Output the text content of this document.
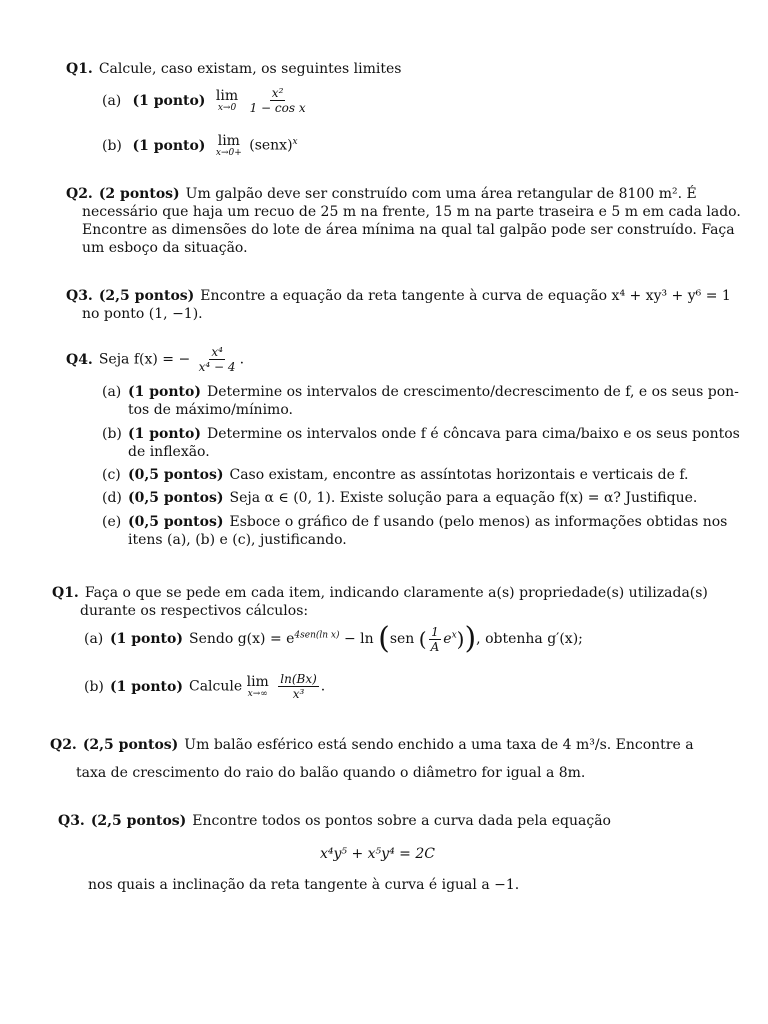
Q1. Calcule, caso existam, os seguintes limites
(a) (1 ponto) lim
x→0
$\frac{\text{x²}}{\text{1 − cos x}}$
(b) (1 ponto) lim
x→0+ (senx)$^x$
Q2. (2 pontos) Um galpão deve ser construído com uma área retangular de 8100 m². É
necessário que haja um recuo de 25 m na frente, 15 m na parte traseira e 5 m em cada lado.
Encontre as dimensões do lote de área mínima na qual tal galpão pode ser construído. Faça
um esboço da situação.
Q3. (2,5 pontos) Encontre a equação da reta tangente à curva de equação x⁴ + xy³ + y⁶ = 1
no ponto (1, −1).
Q4. Seja f(x) = − $\frac{\text{x⁴}}{\text{x⁴ − 4}}$ .
(a) (1 ponto) Determine os intervalos de crescimento/decrescimento de f, e os seus pon-
tos de máximo/mínimo.
(b) (1 ponto) Determine os intervalos onde f é côncava para cima/baixo e os seus pontos
de inflexão.
(c) (0,5 pontos) Caso existam, encontre as assíntotas horizontais e verticais de f.
(d) (0,5 pontos) Seja α ∈ (0, 1). Existe solução para a equação f(x) = α? Justifique.
(e) (0,5 pontos) Esboce o gráfico de f usando (pelo menos) as informações obtidas nos
itens (a), (b) e (c), justificando.
Q1. Faça o que se pede em cada item, indicando claramente a(s) propriedade(s) utilizada(s)
durante os respectivos cálculos:
(a) (1 ponto) Sendo $g(x) = e^{4sen(ln x)} - \ln (sen$ ( $\frac{1}{A} e^x$)), obtenha g′(x);
(b) (1 ponto) Calcule lim
x→∞
$\frac{\ln(Bx)}{\text{x³}}$ .
Q2. (2,5 pontos) Um balão esférico está sendo enchido a uma taxa de 4 m³/s. Encontre a
taxa de crescimento do raio do balão quando o diâmetro for igual a 8m.
Q3. (2,5 pontos) Encontre todos os pontos sobre a curva dada pela equação
x⁴y⁵ + x⁵y⁴ = 2C
nos quais a inclinação da reta tangente à curva é igual a −1.
